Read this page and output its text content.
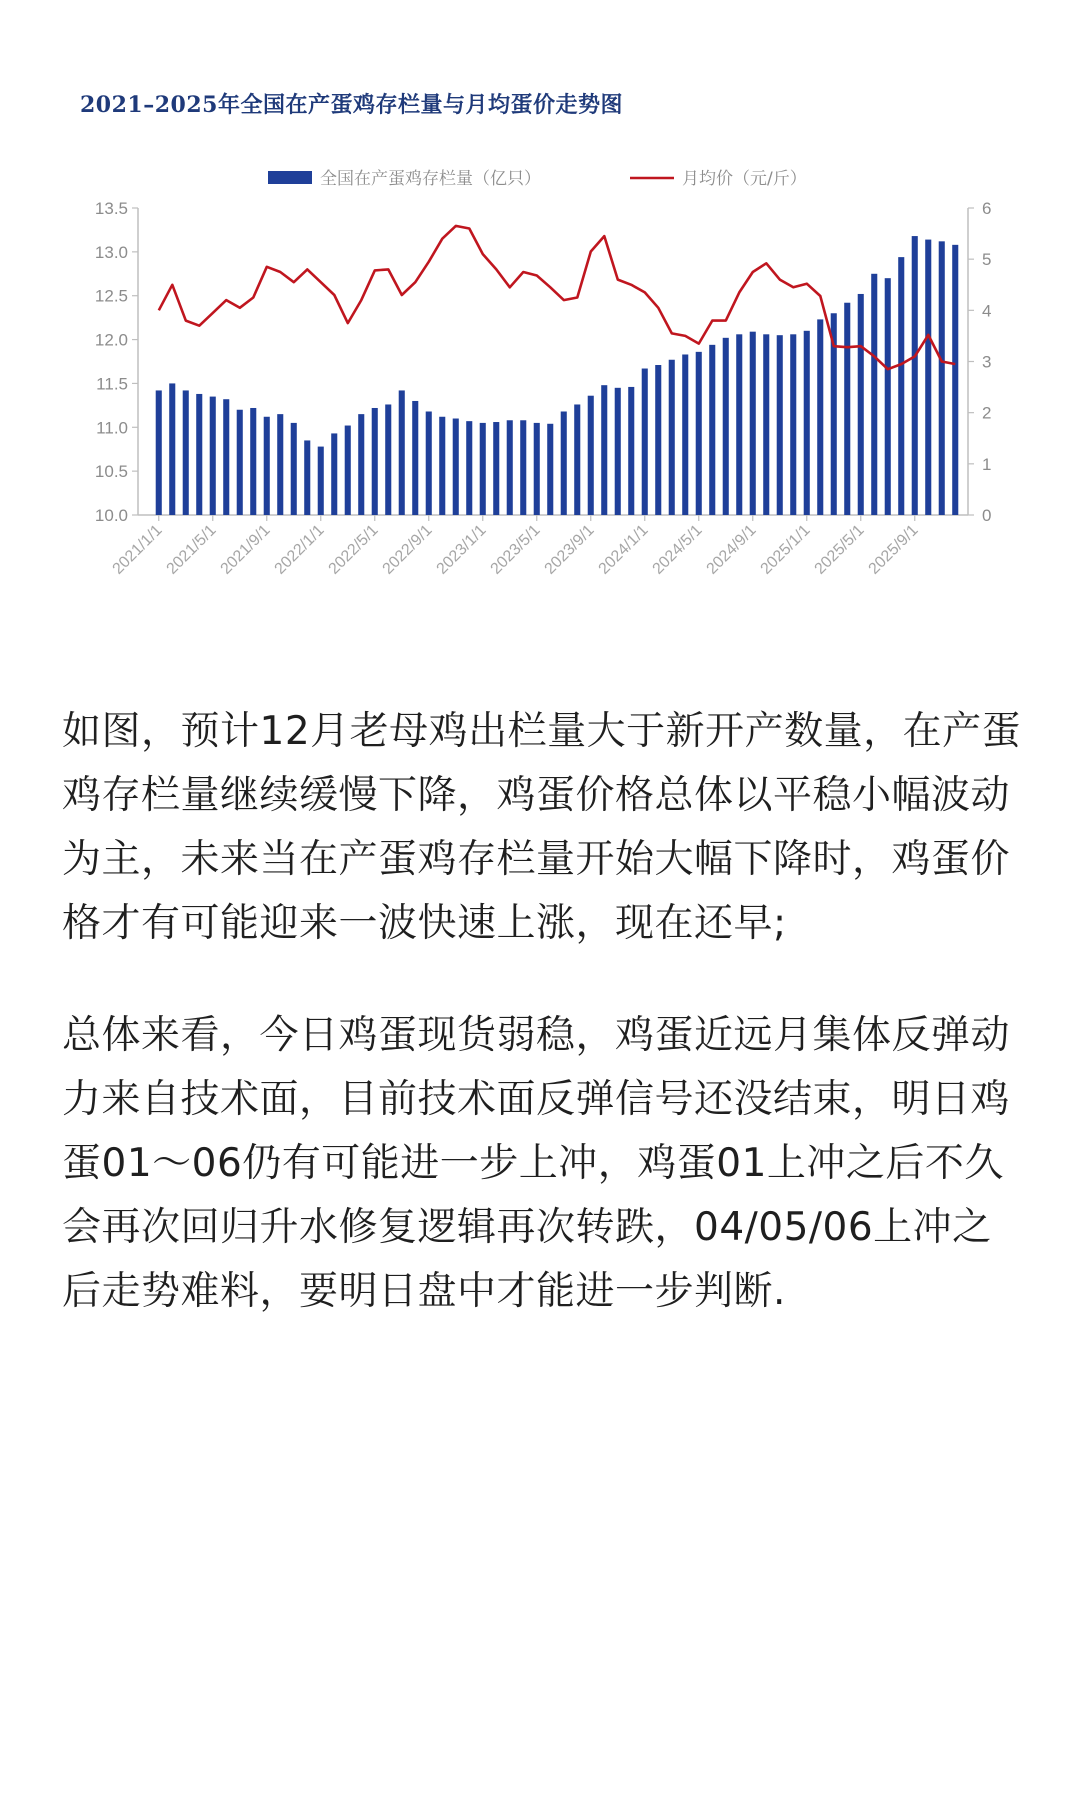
2021–2025年全国在产蛋鸡存栏量与月均蛋价走势图
10.0
10.5
11.0
11.5
12.0
12.5
13.0
13.5
0
1
2
3
4
5
6
2021/1/1
2021/5/1
2021/9/1
2022/1/1
2022/5/1
2022/9/1
2023/1/1
2023/5/1
2023/9/1
2024/1/1
2024/5/1
2024/9/1
2025/1/1
2025/5/1
2025/9/1
全国在产蛋鸡存栏量（亿只）	月均价（元/斤）

如图，预计12月老母鸡出栏量大于新开产数量，在产蛋鸡存栏量继续缓慢下降，鸡蛋价格总体以平稳小幅波动为主，未来当在产蛋鸡存栏量开始大幅下降时，鸡蛋价格才有可能迎来一波快速上涨，现在还早;

总体来看，今日鸡蛋现货弱稳，鸡蛋近远月集体反弹动力来自技术面，目前技术面反弹信号还没结束，明日鸡蛋01～06仍有可能进一步上冲，鸡蛋01上冲之后不久会再次回归升水修复逻辑再次转跌，04/05/06上冲之后走势难料，要明日盘中才能进一步判断.
